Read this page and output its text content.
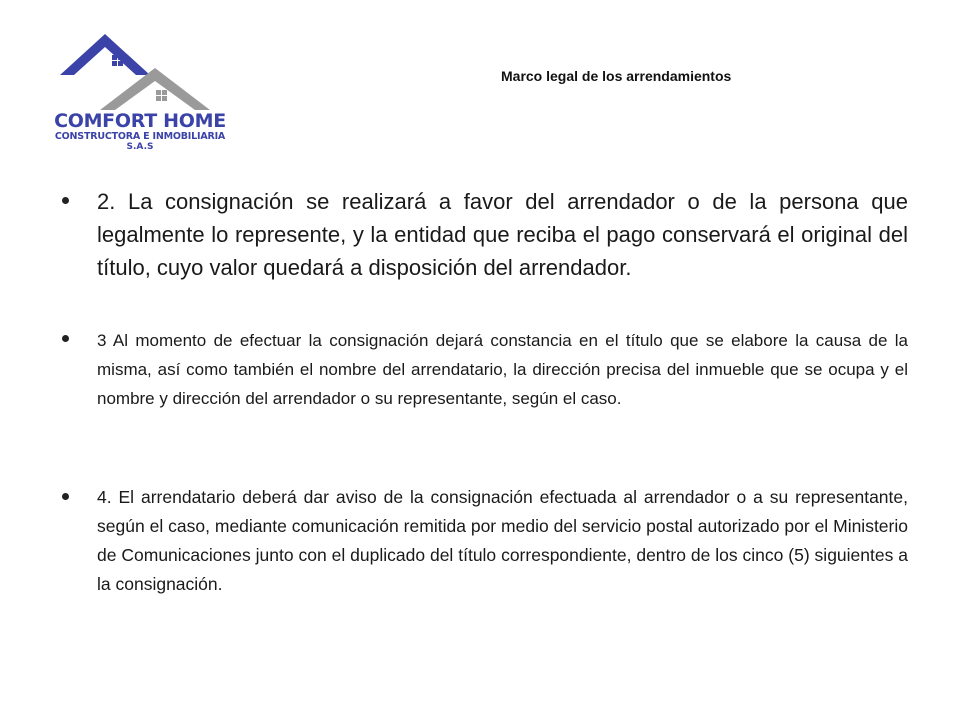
COMFORT HOME
CONSTRUCTORA E INMOBILIARIA
S.A.S
Marco legal de los arrendamientos
2. La consignación se realizará a favor del arrendador o de la persona que legalmente lo represente, y la entidad que reciba el pago conservará el original del título, cuyo valor quedará a disposición del arrendador.
3 Al momento de efectuar la consignación dejará constancia en el título que se elabore la causa de la misma, así como también el nombre del arrendatario, la dirección precisa del inmueble que se ocupa y el nombre y dirección del arrendador o su representante, según el caso.
4. El arrendatario deberá dar aviso de la consignación efectuada al arrendador o a su representante, según el caso, mediante comunicación remitida por medio del servicio postal autorizado por el Ministerio de Comunicaciones junto con el duplicado del título correspondiente, dentro de los cinco (5) siguientes a la consignación.
